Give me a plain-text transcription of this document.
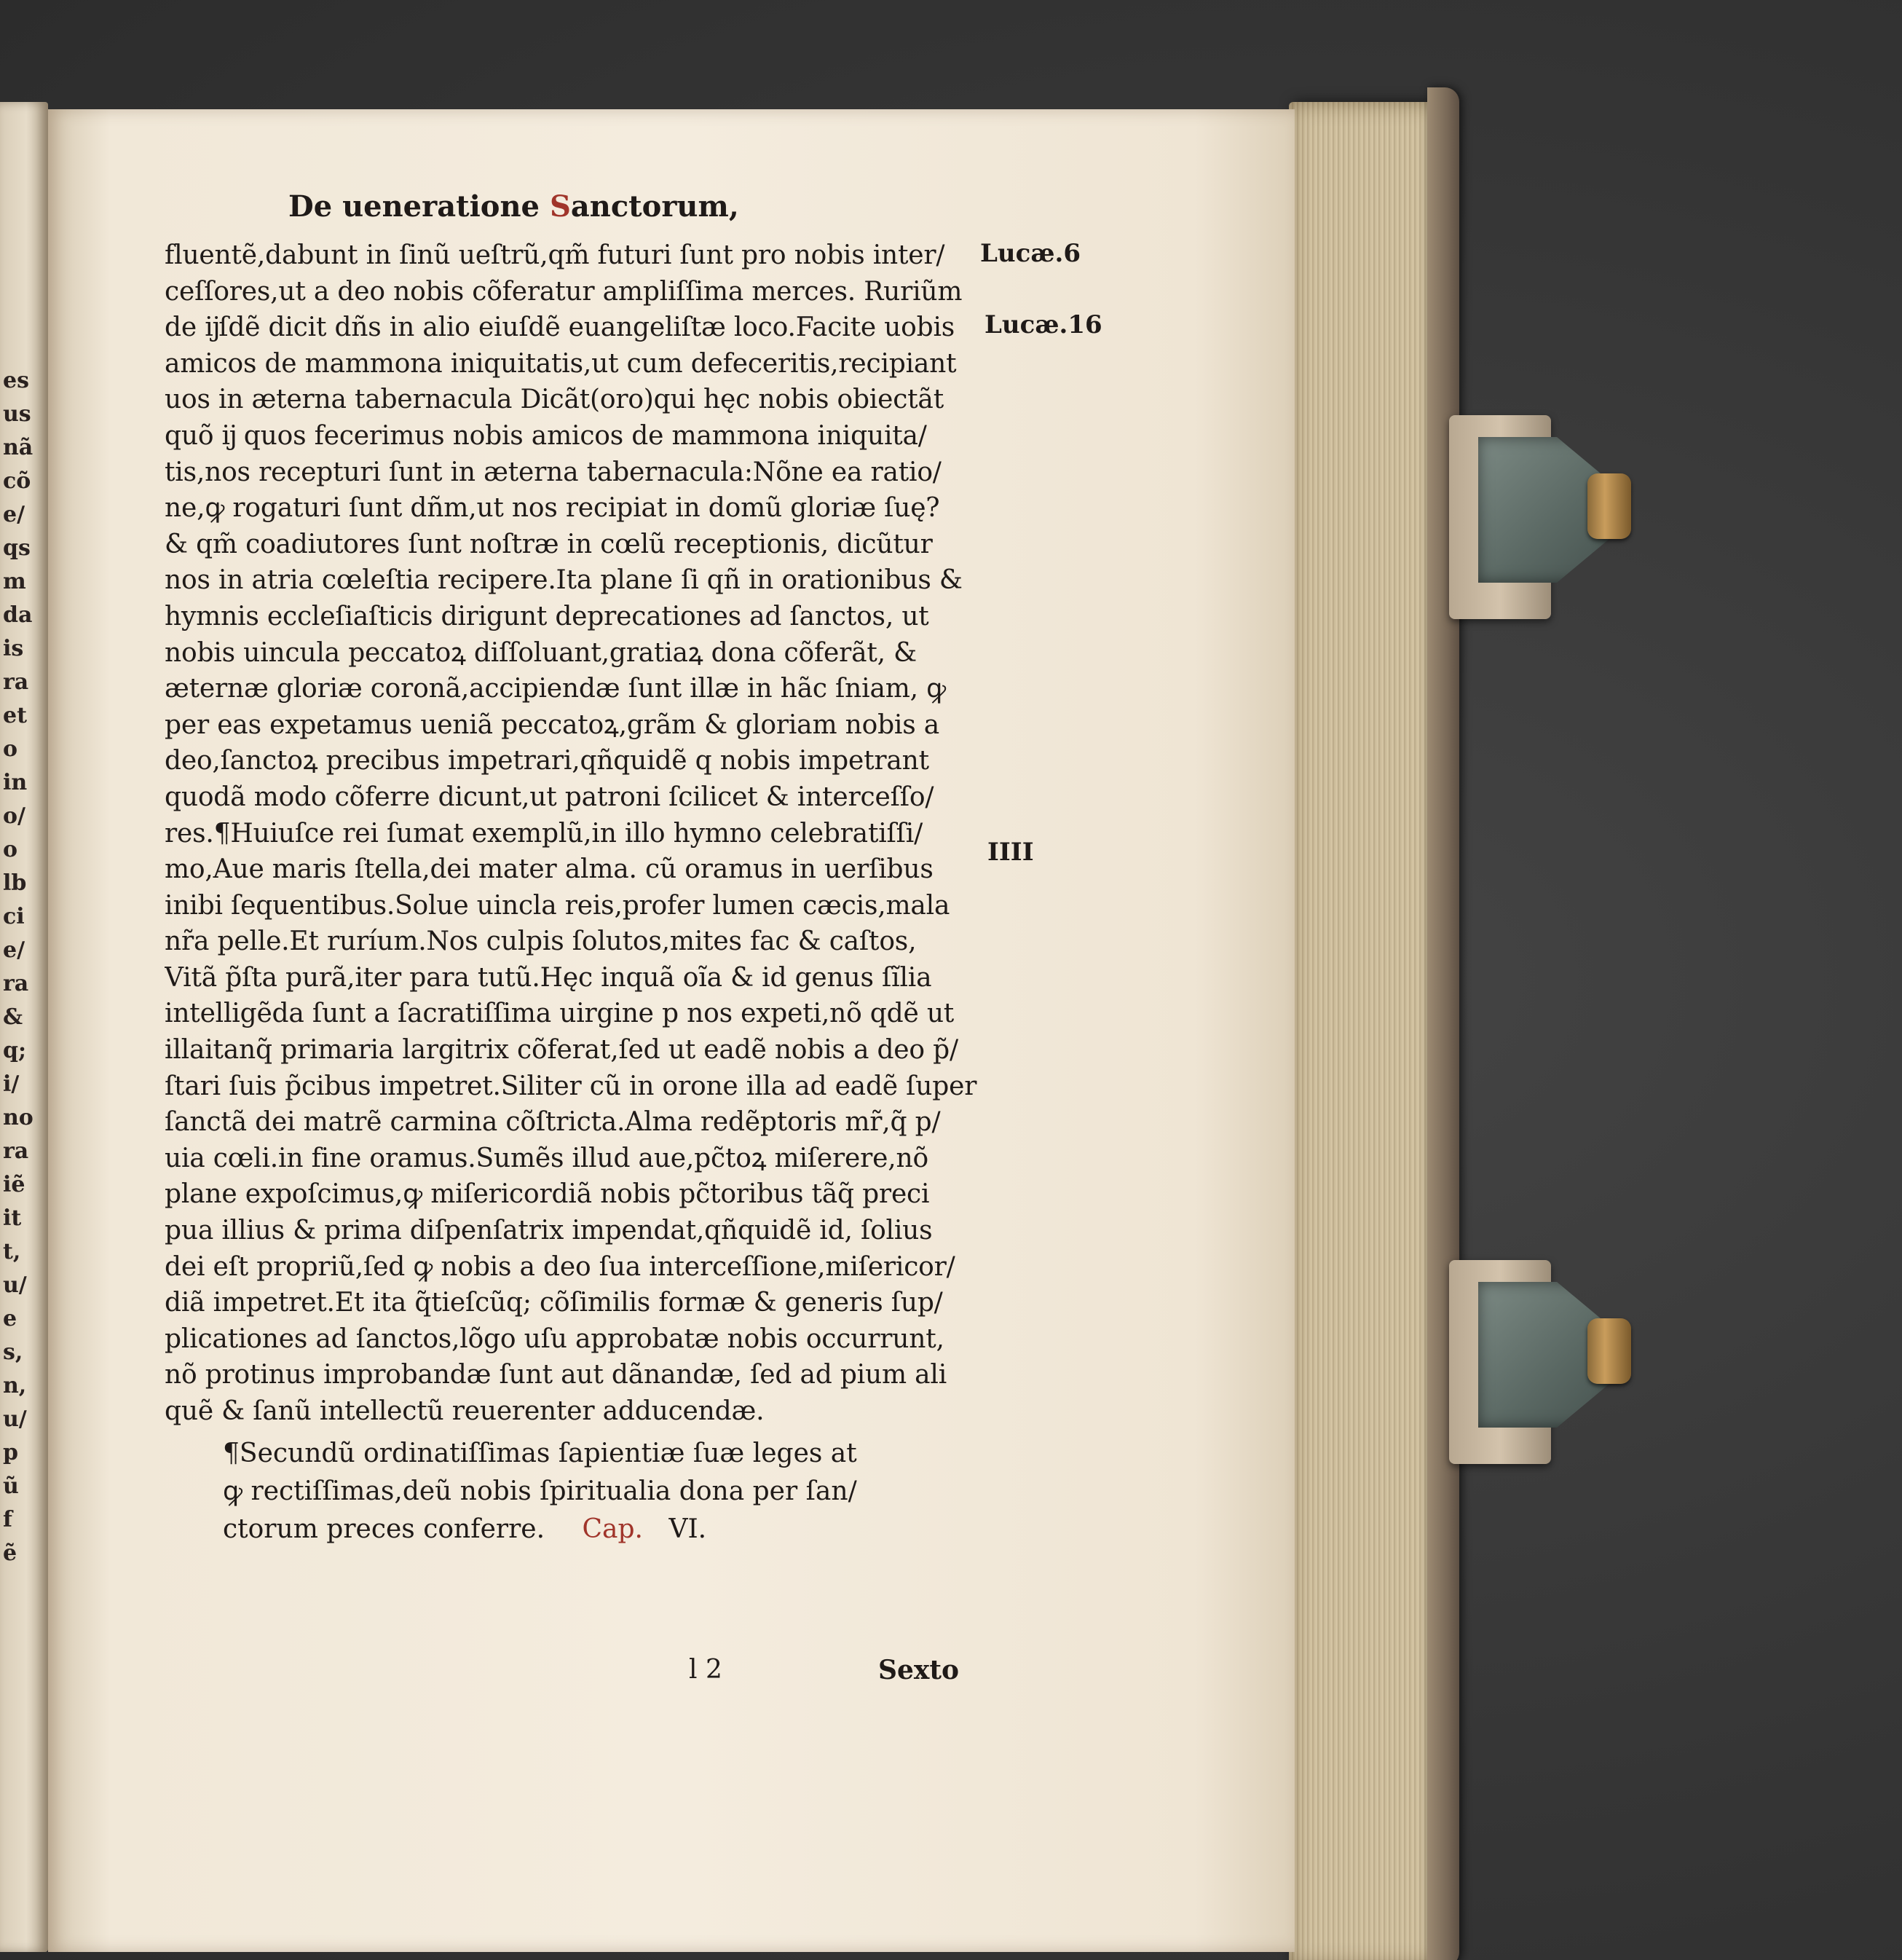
es
us
nã
cõ
e/
qs
m
da
is
ra
et
o
in
o/
o
lb
ci
e/
ra
&
q;
i/
no
ra
iẽ
it
t,
u/
e
s,
n,
u/
p
ũ
f
ẽ
De ueneratione Sanctorum,
fluentẽ,dabunt in ſinũ ueſtrũ,qm̃ futuri ſunt pro nobis inter/
ceſſores,ut a deo nobis cõferatur ampliſſima merces. Ruriũm
de ĳſdẽ dicit dñs in alio eiuſdẽ euangeliſtæ loco.Facite uobis
amicos de mammona iniquitatis,ut cum defeceritis,recipiant
uos in æterna tabernacula Dicãt(oro)qui hęc nobis obiectãt
quõ ĳ quos fecerimus nobis amicos de mammona iniquita/
tis,nos recepturi ſunt in æterna tabernacula:Nõne ea ratio/
ne,ꝙ rogaturi ſunt dñm,ut nos recipiat in domũ gloriæ ſuę?
& qm̃ coadiutores ſunt noſtræ in cœlũ receptionis, dicũtur
nos in atria cœleſtia recipere.Ita plane ſi qñ in orationibus &
hymnis eccleſiaſticis dirigunt deprecationes ad ſanctos, ut
nobis uincula peccatoꝝ diſſoluant,gratiaꝝ dona cõferãt, &
æternæ gloriæ coronã,accipiendæ ſunt illæ in hãc ſniam, ꝙ
per eas expetamus ueniã peccatoꝝ,grãm & gloriam nobis a
deo,ſanctoꝝ precibus impetrari,qñquidẽ q nobis impetrant
quodã modo cõferre dicunt,ut patroni ſcilicet & interceſſo/
res.¶Huiuſce rei ſumat exemplũ,in illo hymno celebratiſſi/
mo,Aue maris ſtella,dei mater alma. cũ oramus in uerſibus
inibi ſequentibus.Solue uincla reis,profer lumen cæcis,mala
nr̃a pelle.Et ruríum.Nos culpis ſolutos,mites fac & caſtos,
Vitã p̃ſta purã,iter para tutũ.Hęc inquã oĩa & id genus ſĩlia
intelligẽda ſunt a ſacratiſſima uirgine p nos expeti,nõ qdẽ ut
illaitanq̃ primaria largitrix cõferat,ſed ut eadẽ nobis a deo p̃/
ſtari ſuis p̃cibus impetret.Siliter cũ in orone illa ad eadẽ ſuper
ſanctã dei matrẽ carmina cõſtricta.Alma redẽptoris mr̃,q̃ p/
uia cœli.in fine oramus.Sumẽs illud aue,pc̃toꝝ miſerere,nõ
plane expoſcimus,ꝙ miſericordiã nobis pc̃toribus tãq̃ preci
pua illius & prima diſpenſatrix impendat,qñquidẽ id, ſolius
dei eſt propriũ,ſed ꝙ nobis a deo ſua interceſſione,miſericor/
diã impetret.Et ita q̃tieſcũq; cõſimilis formæ & generis ſup/
plicationes ad ſanctos,lõgo uſu approbatæ nobis occurrunt,
nõ protinus improbandæ ſunt aut dãnandæ, ſed ad pium ali
quẽ & ſanũ intellectũ reuerenter adducendæ.
Lucæ.6
Lucæ.16
IIII
¶Secundũ ordinatiſſimas ſapientiæ ſuæ leges at
ꝙ rectiſſimas,deũ nobis ſpiritualia dona per ſan/
ctorum preces conferre. Cap. VI.
l 2	Sexto
